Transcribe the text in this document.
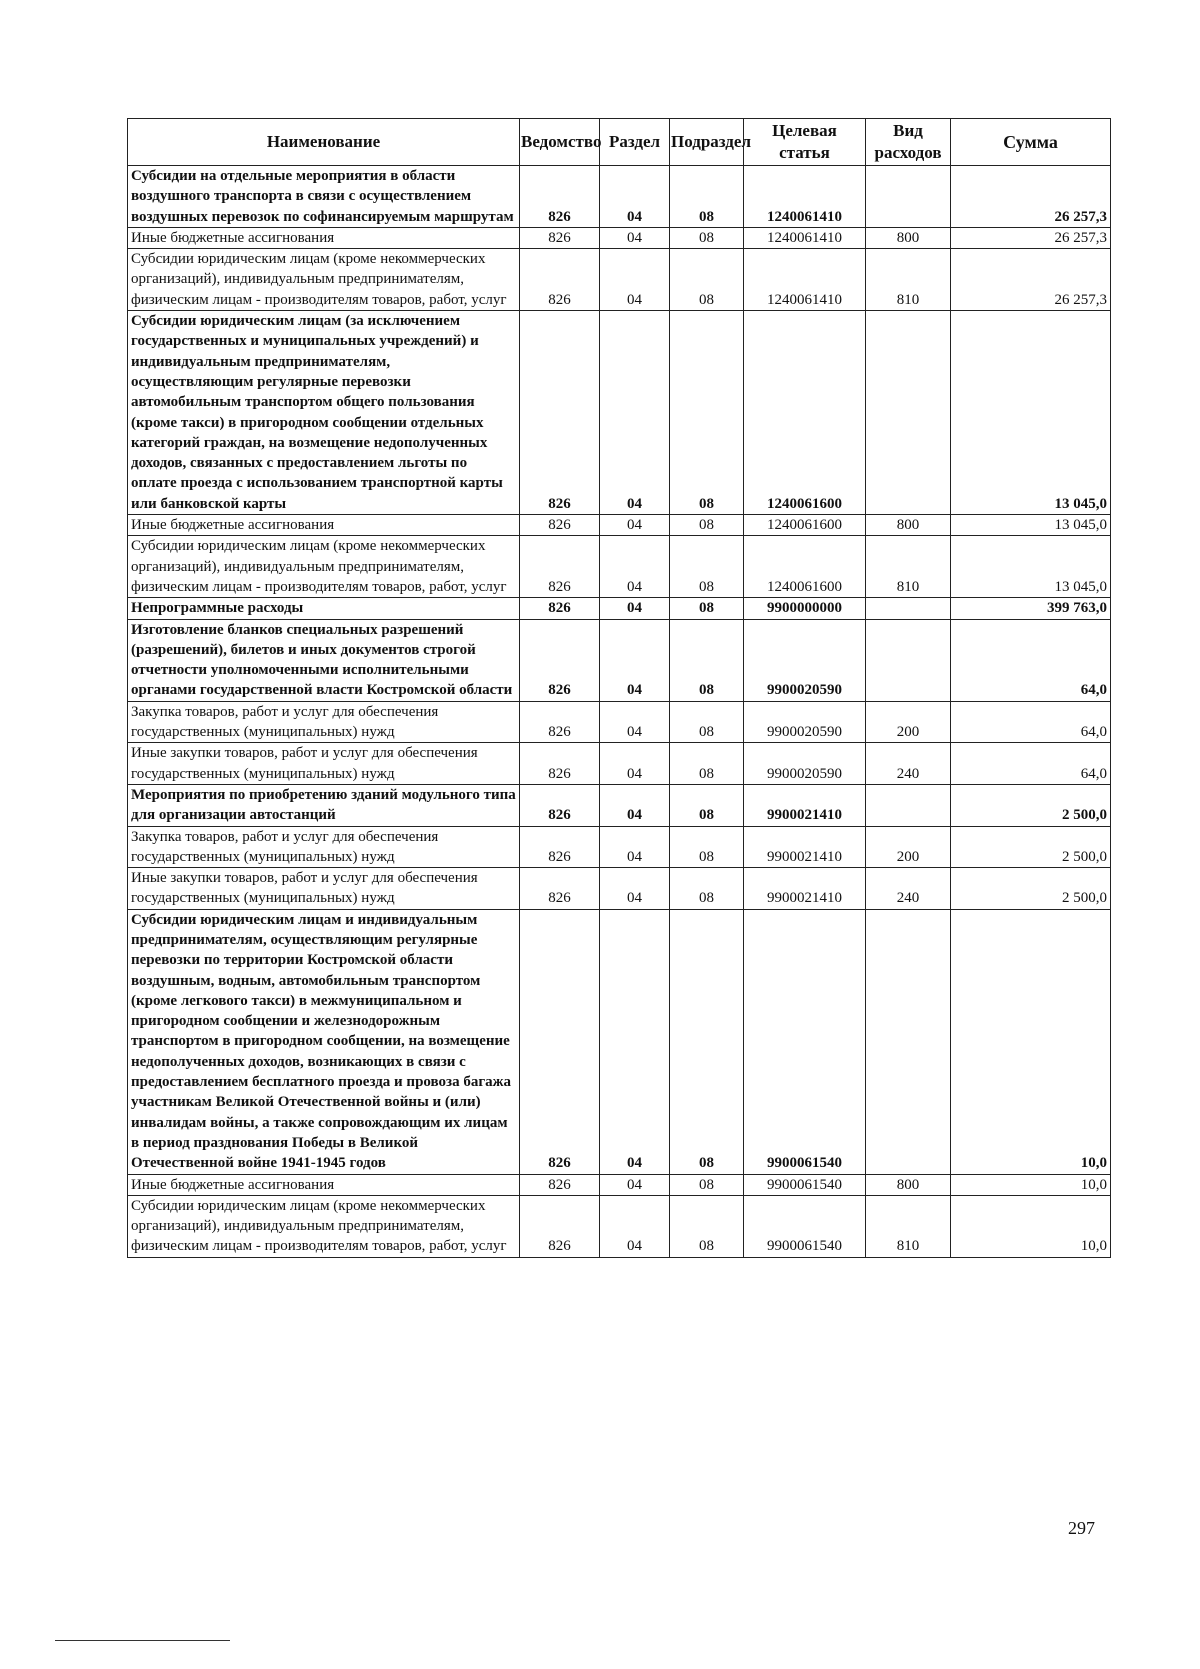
Наименование	Ведомство	Раздел	Подраздел	Целевая статья	Вид расходов	Сумма
Субсидии на отдельные мероприятия в области воздушного транспорта в связи с осуществлением воздушных перевозок по софинансируемым маршрутам	826	04	08	1240061410		26 257,3
Иные бюджетные ассигнования	826	04	08	1240061410	800	26 257,3
Субсидии юридическим лицам (кроме некоммерческих организаций), индивидуальным предпринимателям, физическим лицам - производителям товаров, работ, услуг	826	04	08	1240061410	810	26 257,3
Субсидии юридическим лицам (за исключением государственных и муниципальных учреждений) и индивидуальным предпринимателям, осуществляющим регулярные перевозки автомобильным транспортом общего пользования (кроме такси) в пригородном сообщении отдельных категорий граждан, на возмещение недополученных доходов, связанных с предоставлением льготы по оплате проезда с использованием транспортной карты или банковской карты	826	04	08	1240061600		13 045,0
Иные бюджетные ассигнования	826	04	08	1240061600	800	13 045,0
Субсидии юридическим лицам (кроме некоммерческих организаций), индивидуальным предпринимателям, физическим лицам - производителям товаров, работ, услуг	826	04	08	1240061600	810	13 045,0
Непрограммные расходы	826	04	08	9900000000		399 763,0
Изготовление бланков специальных разрешений (разрешений), билетов и иных документов строгой отчетности уполномоченными исполнительными органами государственной власти Костромской области	826	04	08	9900020590		64,0
Закупка товаров, работ и услуг для обеспечения государственных (муниципальных) нужд	826	04	08	9900020590	200	64,0
Иные закупки товаров, работ и услуг для обеспечения государственных (муниципальных) нужд	826	04	08	9900020590	240	64,0
Мероприятия по приобретению зданий модульного типа для организации автостанций	826	04	08	9900021410		2 500,0
Закупка товаров, работ и услуг для обеспечения государственных (муниципальных) нужд	826	04	08	9900021410	200	2 500,0
Иные закупки товаров, работ и услуг для обеспечения государственных (муниципальных) нужд	826	04	08	9900021410	240	2 500,0
Субсидии юридическим лицам и индивидуальным предпринимателям, осуществляющим регулярные перевозки по территории Костромской области воздушным, водным, автомобильным транспортом (кроме легкового такси) в межмуниципальном и пригородном сообщении и железнодорожным транспортом в пригородном сообщении, на возмещение недополученных доходов, возникающих в связи с предоставлением бесплатного проезда и провоза багажа участникам Великой Отечественной войны и (или) инвалидам войны, а также сопровождающим их лицам в период празднования Победы в Великой Отечественной войне 1941-1945 годов	826	04	08	9900061540		10,0
Иные бюджетные ассигнования	826	04	08	9900061540	800	10,0
Субсидии юридическим лицам (кроме некоммерческих организаций), индивидуальным предпринимателям, физическим лицам - производителям товаров, работ, услуг	826	04	08	9900061540	810	10,0
297
